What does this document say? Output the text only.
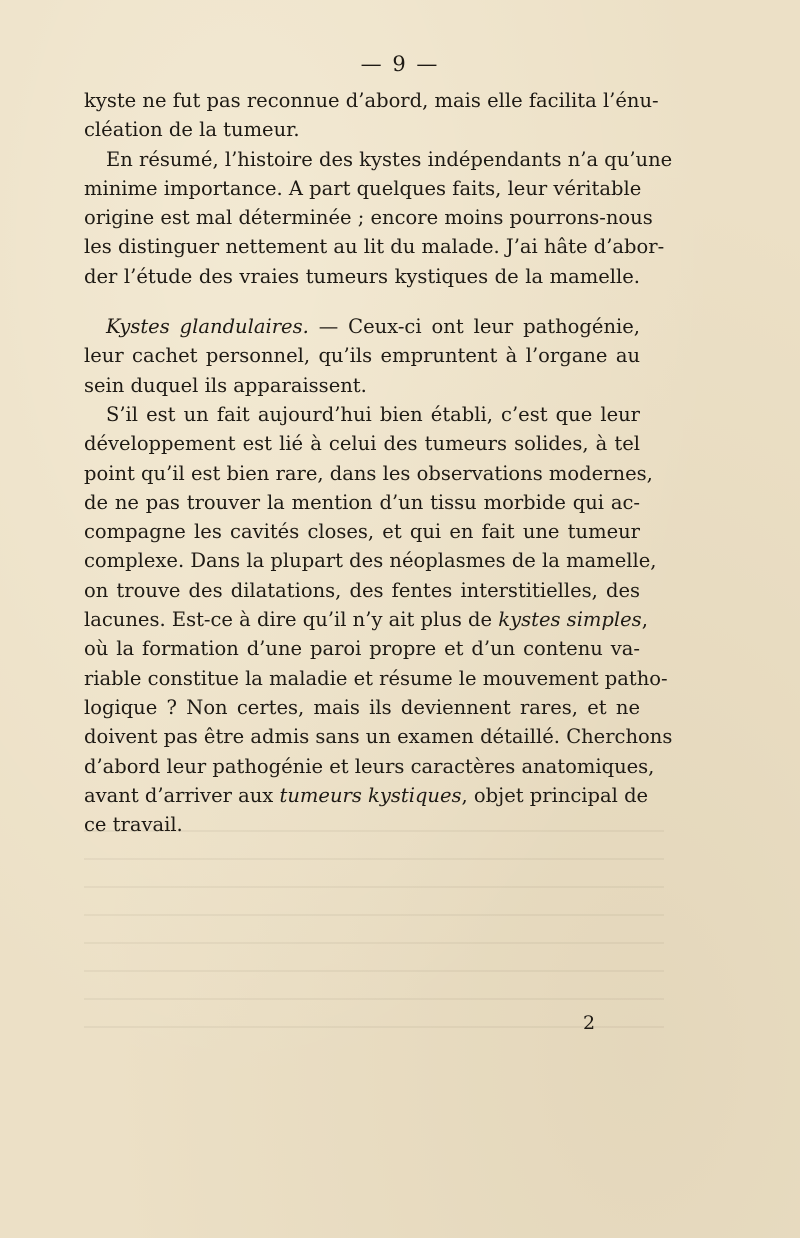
— 9 —

kyste ne fut pas reconnue d’abord, mais elle facilita l’énu-
cléation de la tumeur.

En résumé, l’histoire des kystes indépendants n’a qu’une
minime importance. A part quelques faits, leur véritable
origine est mal déterminée ; encore moins pourrons-nous
les distinguer nettement au lit du malade. J’ai hâte d’abor-
der l’étude des vraies tumeurs kystiques de la mamelle.

Kystes glandulaires. — Ceux-ci ont leur pathogénie,
leur cachet personnel, qu’ils empruntent à l’organe au
sein duquel ils apparaissent.

S’il est un fait aujourd’hui bien établi, c’est que leur
développement est lié à celui des tumeurs solides, à tel
point qu’il est bien rare, dans les observations modernes,
de ne pas trouver la mention d’un tissu morbide qui ac-
compagne les cavités closes, et qui en fait une tumeur
complexe. Dans la plupart des néoplasmes de la mamelle,
on trouve des dilatations, des fentes interstitielles, des
lacunes. Est-ce à dire qu’il n’y ait plus de kystes simples,
où la formation d’une paroi propre et d’un contenu va-
riable constitue la maladie et résume le mouvement patho-
logique ? Non certes, mais ils deviennent rares, et ne
doivent pas être admis sans un examen détaillé. Cherchons
d’abord leur pathogénie et leurs caractères anatomiques,
avant d’arriver aux tumeurs kystiques, objet principal de
ce travail.

2
